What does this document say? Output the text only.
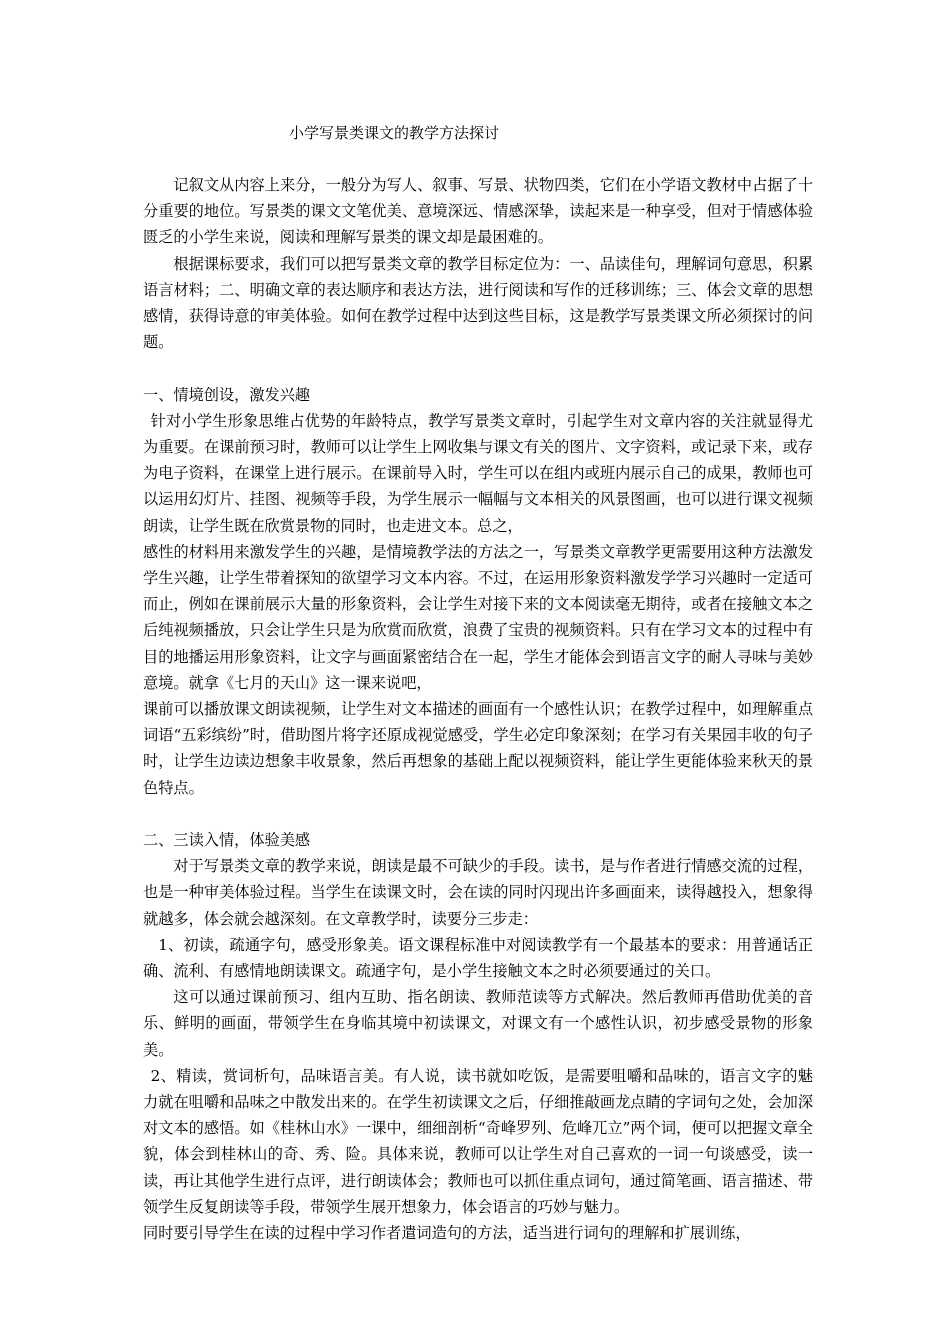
小学写景类课文的教学方法探讨

记叙文从内容上来分，一般分为写人、叙事、写景、状物四类，它们在小学语文教材中占据了十分重要的地位。写景类的课文文笔优美、意境深远、情感深挚，读起来是一种享受，但对于情感体验匮乏的小学生来说，阅读和理解写景类的课文却是最困难的。

根据课标要求，我们可以把写景类文章的教学目标定位为：一、品读佳句，理解词句意思，积累语言材料；二、明确文章的表达顺序和表达方法，进行阅读和写作的迁移训练；三、体会文章的思想感情，获得诗意的审美体验。如何在教学过程中达到这些目标，这是教学写景类课文所必须探讨的问题。

一、情境创设，激发兴趣

针对小学生形象思维占优势的年龄特点，教学写景类文章时，引起学生对文章内容的关注就显得尤为重要。在课前预习时，教师可以让学生上网收集与课文有关的图片、文字资料，或记录下来，或存为电子资料，在课堂上进行展示。在课前导入时，学生可以在组内或班内展示自己的成果，教师也可以运用幻灯片、挂图、视频等手段，为学生展示一幅幅与文本相关的风景图画，也可以进行课文视频朗读，让学生既在欣赏景物的同时，也走进文本。总之，

感性的材料用来激发学生的兴趣，是情境教学法的方法之一，写景类文章教学更需要用这种方法激发学生兴趣，让学生带着探知的欲望学习文本内容。不过，在运用形象资料激发学学习兴趣时一定适可而止，例如在课前展示大量的形象资料，会让学生对接下来的文本阅读毫无期待，或者在接触文本之后纯视频播放，只会让学生只是为欣赏而欣赏，浪费了宝贵的视频资料。只有在学习文本的过程中有目的地播运用形象资料，让文字与画面紧密结合在一起，学生才能体会到语言文字的耐人寻味与美妙意境。就拿《七月的天山》这一课来说吧，

课前可以播放课文朗读视频，让学生对文本描述的画面有一个感性认识；在教学过程中，如理解重点词语“五彩缤纷”时，借助图片将字还原成视觉感受，学生必定印象深刻；在学习有关果园丰收的句子时，让学生边读边想象丰收景象，然后再想象的基础上配以视频资料，能让学生更能体验来秋天的景色特点。

二、三读入情，体验美感

对于写景类文章的教学来说，朗读是最不可缺少的手段。读书，是与作者进行情感交流的过程，也是一种审美体验过程。当学生在读课文时，会在读的同时闪现出许多画面来，读得越投入，想象得就越多，体会就会越深刻。在文章教学时，读要分三步走：

1、初读，疏通字句，感受形象美。语文课程标准中对阅读教学有一个最基本的要求：用普通话正确、流利、有感情地朗读课文。疏通字句，是小学生接触文本之时必须要通过的关口。

这可以通过课前预习、组内互助、指名朗读、教师范读等方式解决。然后教师再借助优美的音乐、鲜明的画面，带领学生在身临其境中初读课文，对课文有一个感性认识，初步感受景物的形象美。

2、精读，赏词析句，品味语言美。有人说，读书就如吃饭，是需要咀嚼和品味的，语言文字的魅力就在咀嚼和品味之中散发出来的。在学生初读课文之后，仔细推敲画龙点睛的字词句之处，会加深对文本的感悟。如《桂林山水》一课中，细细剖析“奇峰罗列、危峰兀立”两个词，便可以把握文章全貌，体会到桂林山的奇、秀、险。具体来说，教师可以让学生对自己喜欢的一词一句谈感受，读一读，再让其他学生进行点评，进行朗读体会；教师也可以抓住重点词句，通过简笔画、语言描述、带领学生反复朗读等手段，带领学生展开想象力，体会语言的巧妙与魅力。

同时要引导学生在读的过程中学习作者遣词造句的方法，适当进行词句的理解和扩展训练，
